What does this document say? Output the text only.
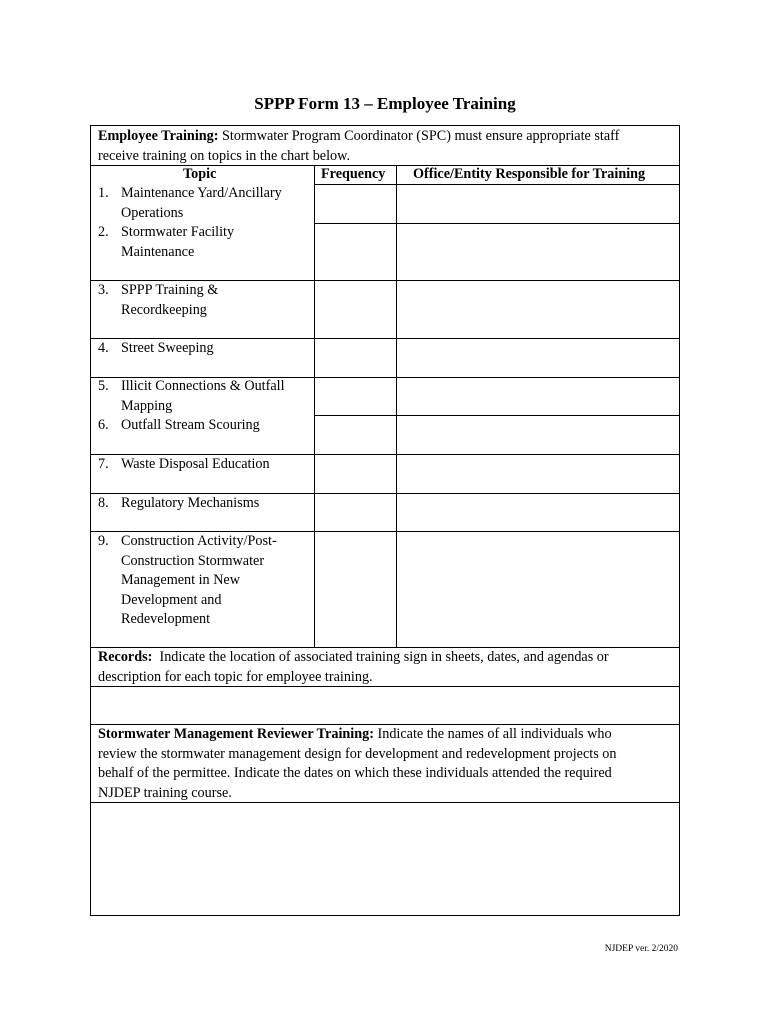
SPPP Form 13 – Employee Training
Employee Training: Stormwater Program Coordinator (SPC) must ensure appropriate staff
receive training on topics in the chart below.
Topic	Frequency Office/Entity Responsible for Training
1. Maintenance Yard/Ancillary
Operations
2. Stormwater Facility
Maintenance
3. SPPP Training &
Recordkeeping
4. Street Sweeping
5. Illicit Connections & Outfall
Mapping
6. Outfall Stream Scouring
7. Waste Disposal Education
8. Regulatory Mechanisms
9. Construction Activity/Post-
Construction Stormwater
Management in New
Development and
Redevelopment
Records:  Indicate the location of associated training sign in sheets, dates, and agendas or
description for each topic for employee training.
Stormwater Management Reviewer Training: Indicate the names of all individuals who
review the stormwater management design for development and redevelopment projects on
behalf of the permittee. Indicate the dates on which these individuals attended the required
NJDEP training course.
NJDEP ver. 2/2020
